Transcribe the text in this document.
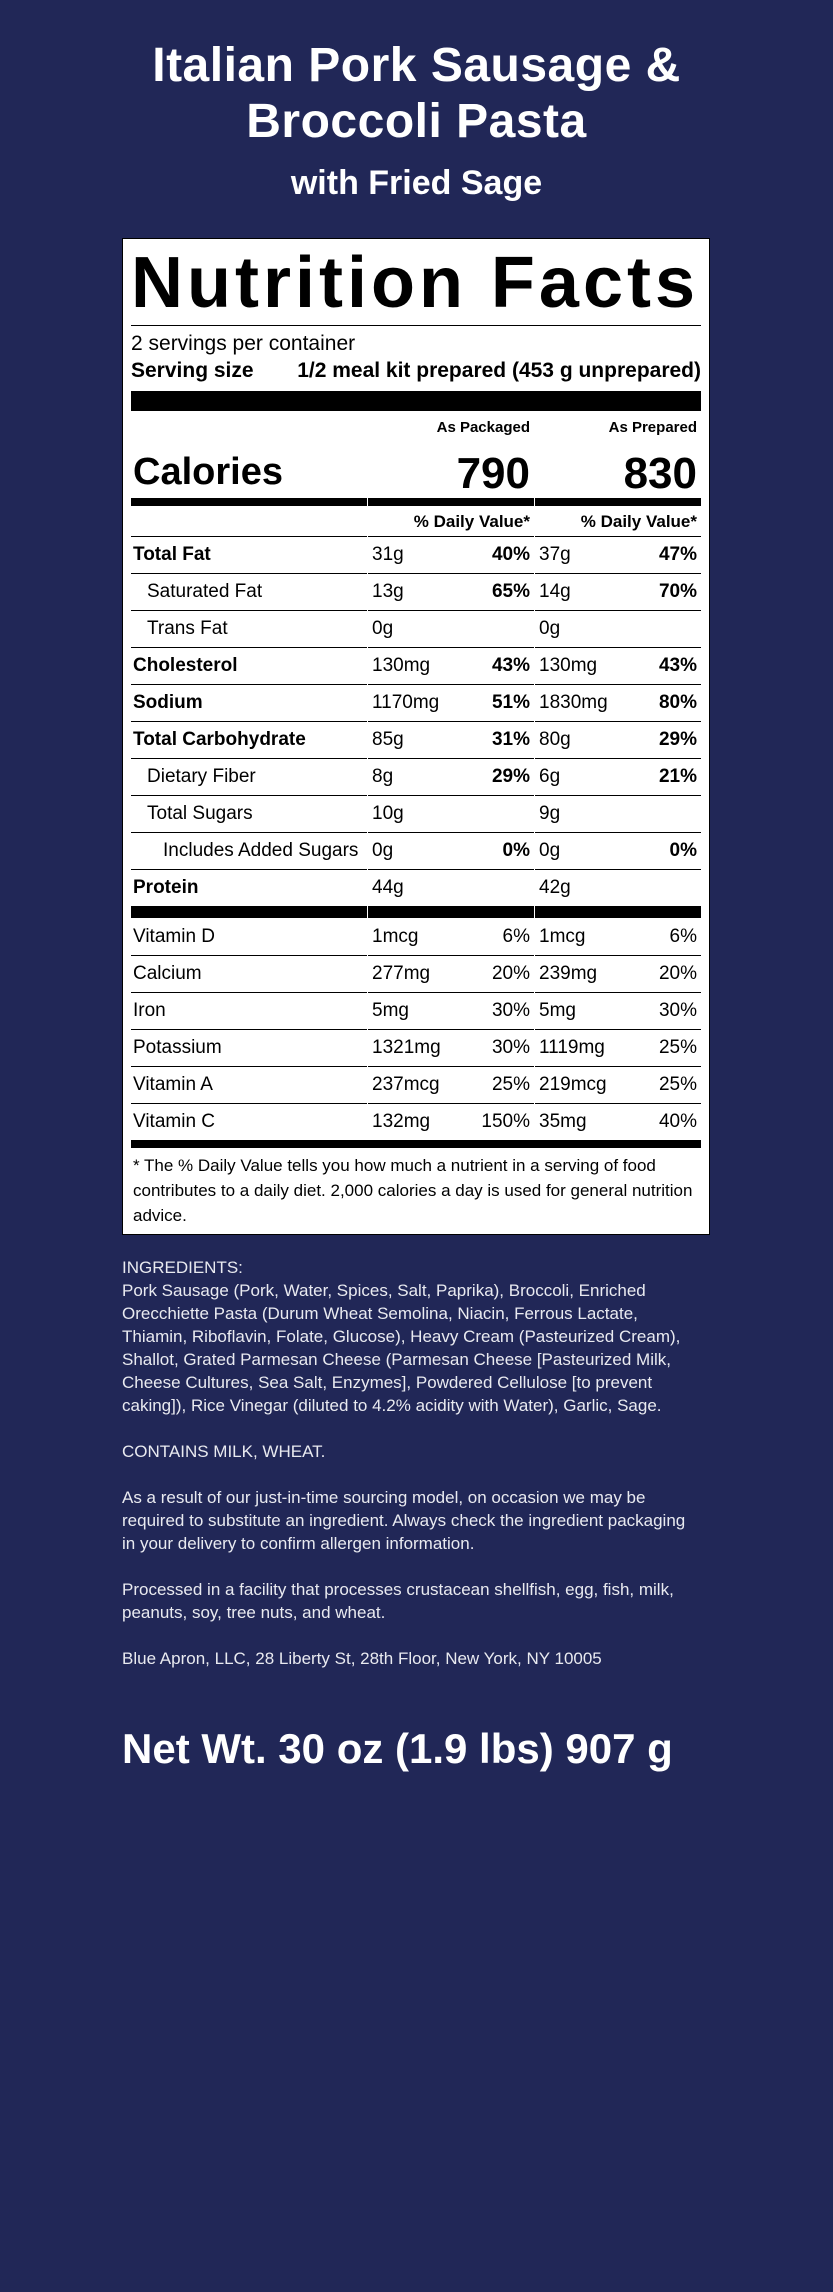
Italian Pork Sausage &
Broccoli Pasta
with Fried Sage
Nutrition Facts
2 servings per container
Serving size 1/2 meal kit prepared (453 g unprepared)
As Packaged	As Prepared
Calories	790	830
% Daily Value*	% Daily Value*
Total Fat	31g	40% 37g	47%
Saturated Fat	13g	65% 14g	70%
Trans Fat	0g	0g
Cholesterol	130mg	43% 130mg	43%
Sodium	1170mg	51% 1830mg	80%
Total Carbohydrate	85g	31% 80g	29%
Dietary Fiber	8g	29% 6g	21%
Total Sugars	10g	9g
Includes Added Sugars 0g	0% 0g	0%
Protein	44g	42g
Vitamin D	1mcg	6% 1mcg	6%
Calcium	277mg	20% 239mg	20%
Iron	5mg	30% 5mg	30%
Potassium	1321mg	30% 1119mg	25%
Vitamin A	237mcg	25% 219mcg	25%
Vitamin C	132mg	150% 35mg	40%
* The % Daily Value tells you how much a nutrient in a serving of food contributes to a daily diet. 2,000 calories a day is used for general nutrition advice.

INGREDIENTS:

Pork Sausage (Pork, Water, Spices, Salt, Paprika), Broccoli, Enriched Orecchiette Pasta (Durum Wheat Semolina, Niacin, Ferrous Lactate, Thiamin, Riboflavin, Folate, Glucose), Heavy Cream (Pasteurized Cream), Shallot, Grated Parmesan Cheese (Parmesan Cheese [Pasteurized Milk, Cheese Cultures, Sea Salt, Enzymes], Powdered Cellulose [to prevent caking]), Rice Vinegar (diluted to 4.2% acidity with Water), Garlic, Sage.

CONTAINS MILK, WHEAT.

As a result of our just-in-time sourcing model, on occasion we may be required to substitute an ingredient. Always check the ingredient packaging in your delivery to confirm allergen information.

Processed in a facility that processes crustacean shellfish, egg, fish, milk, peanuts, soy, tree nuts, and wheat.

Blue Apron, LLC, 28 Liberty St, 28th Floor, New York, NY 10005

Net Wt. 30 oz (1.9 lbs) 907 g
